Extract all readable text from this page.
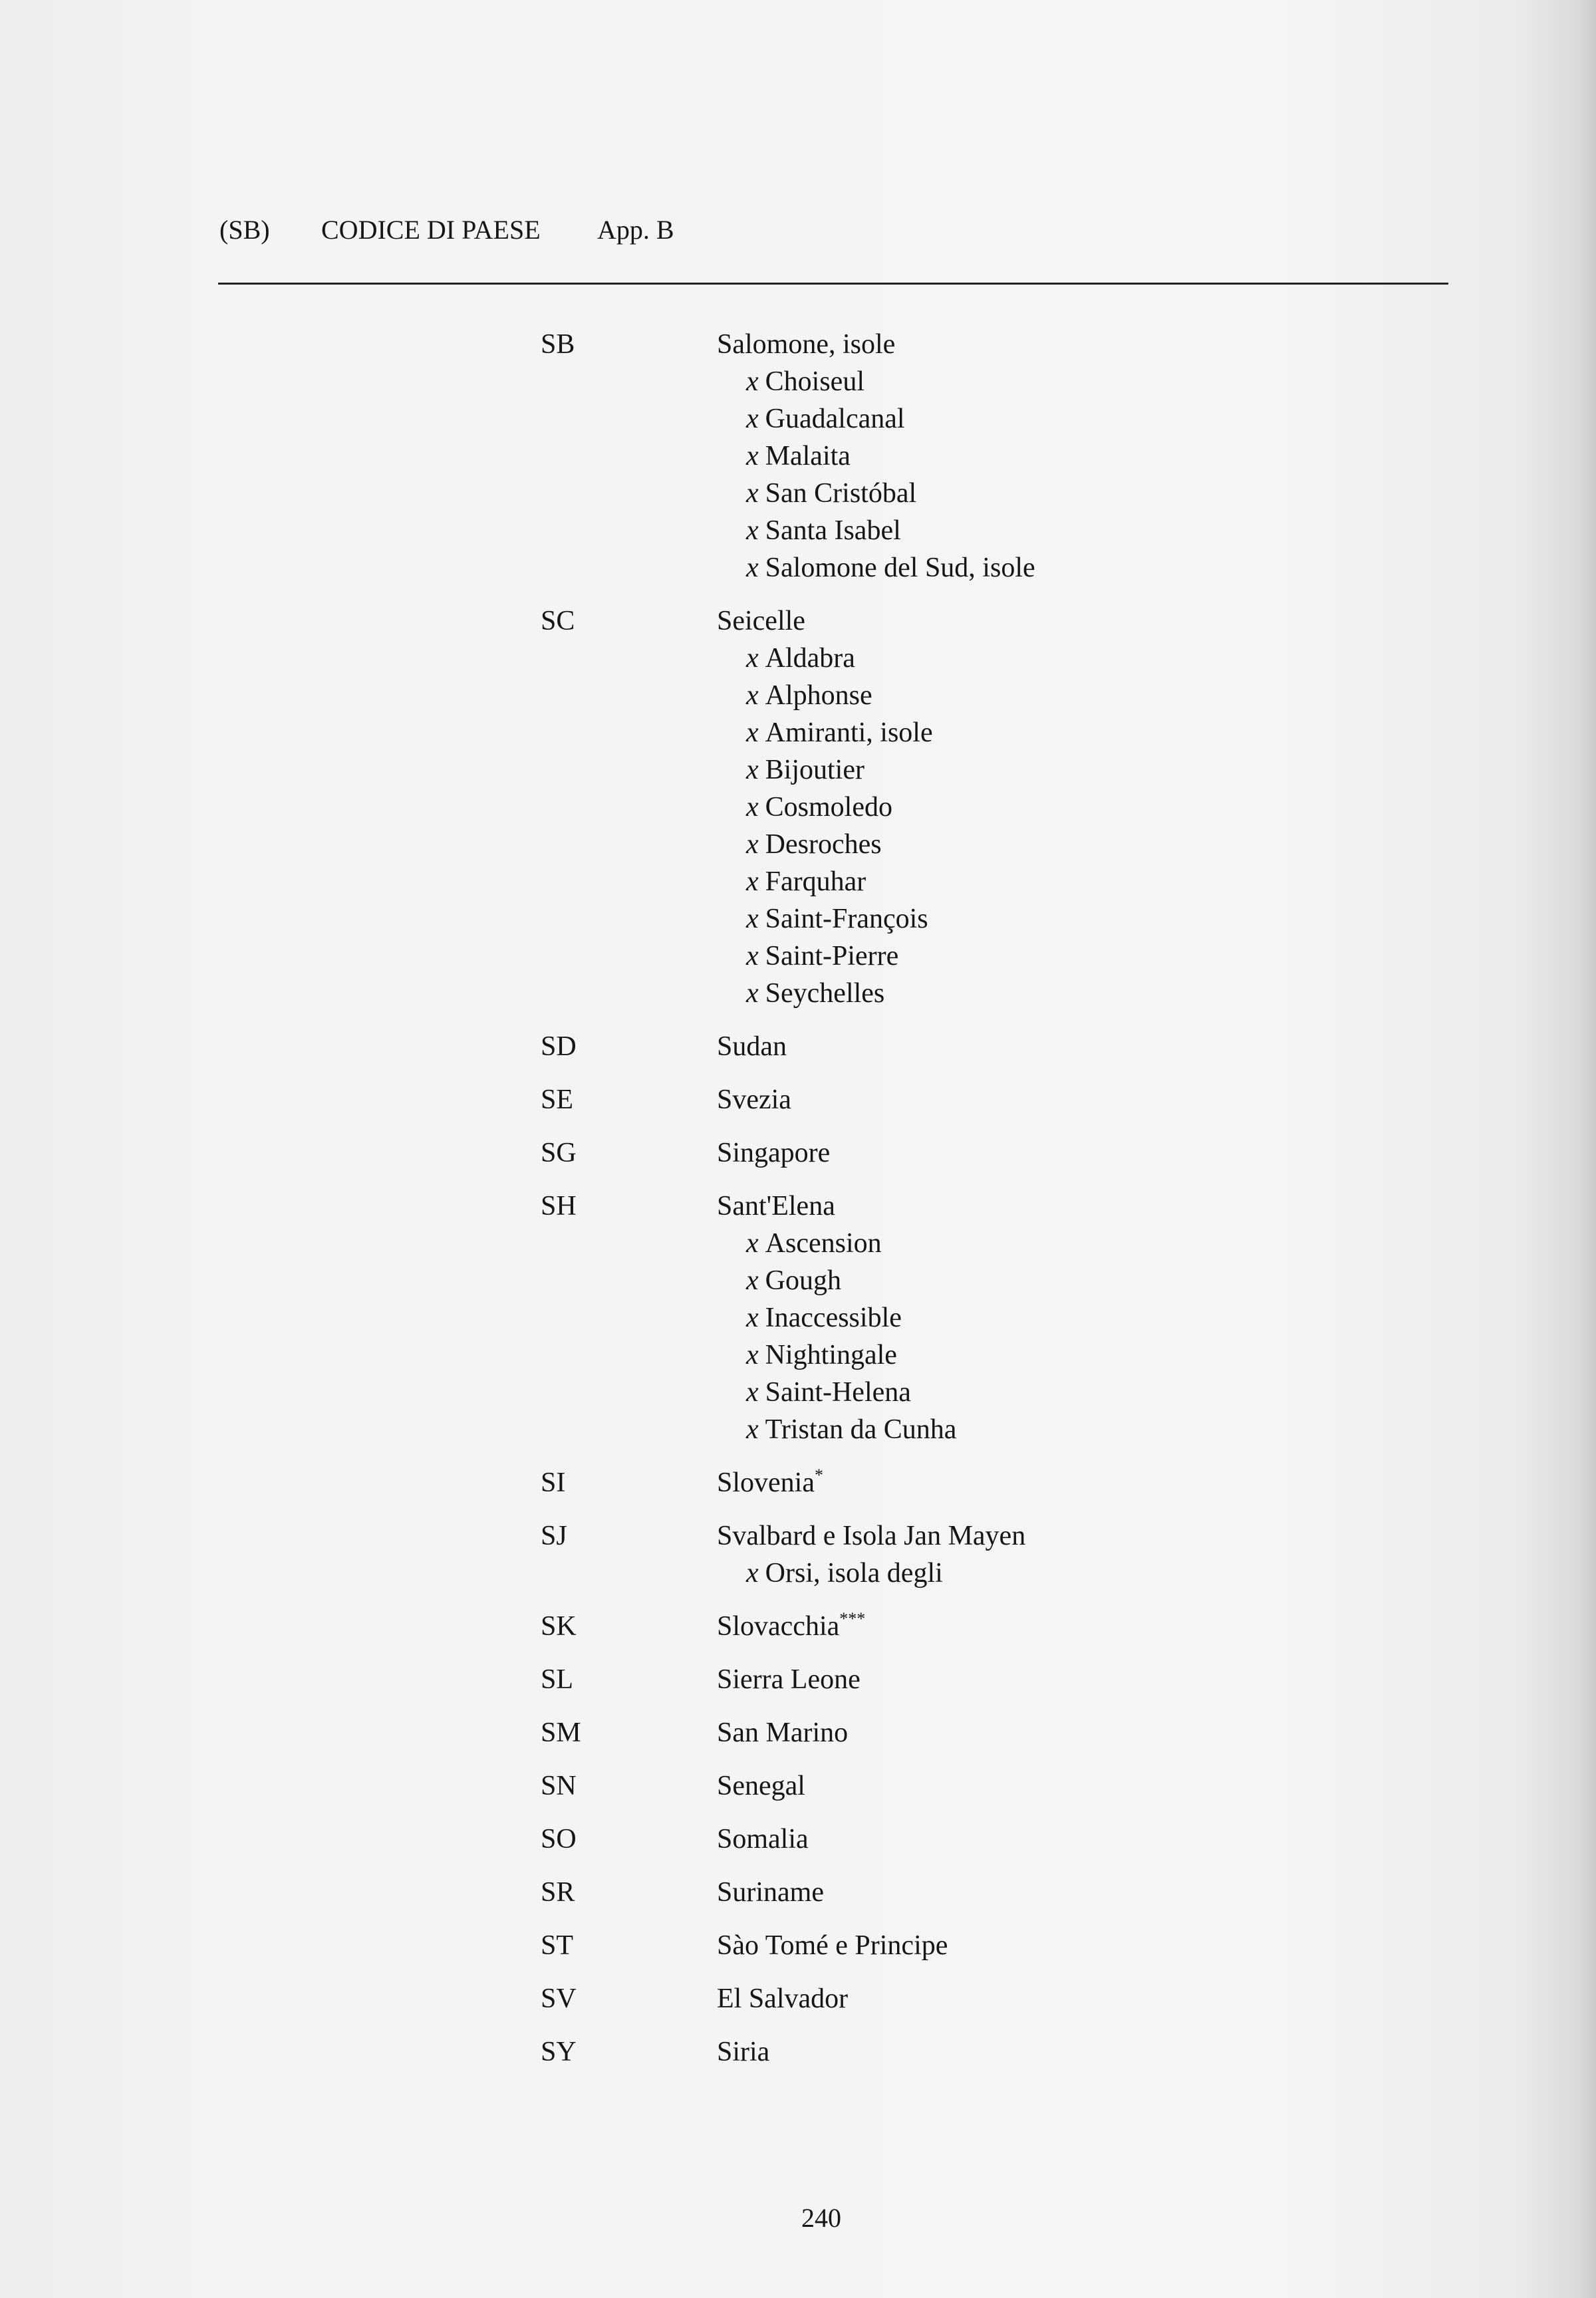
(SB) CODICE DI PAESE App. B
SB	Salomone, isole
x Choiseul
x Guadalcanal
x Malaita
x San Cristóbal
x Santa Isabel
x Salomone del Sud, isole
SC	Seicelle
x Aldabra
x Alphonse
x Amiranti, isole
x Bijoutier
x Cosmoledo
x Desroches
x Farquhar
x Saint-François
x Saint-Pierre
x Seychelles
SD	Sudan
SE	Svezia
SG	Singapore
SH	Sant'Elena
x Ascension
x Gough
x Inaccessible
x Nightingale
x Saint-Helena
x Tristan da Cunha
SI	Slovenia*
SJ	Svalbard e Isola Jan Mayen
x Orsi, isola degli
SK	Slovacchia***
SL	Sierra Leone
SM	San Marino
SN	Senegal
SO	Somalia
SR	Suriname
ST	Sào Tomé e Principe
SV	El Salvador
SY	Siria
240
